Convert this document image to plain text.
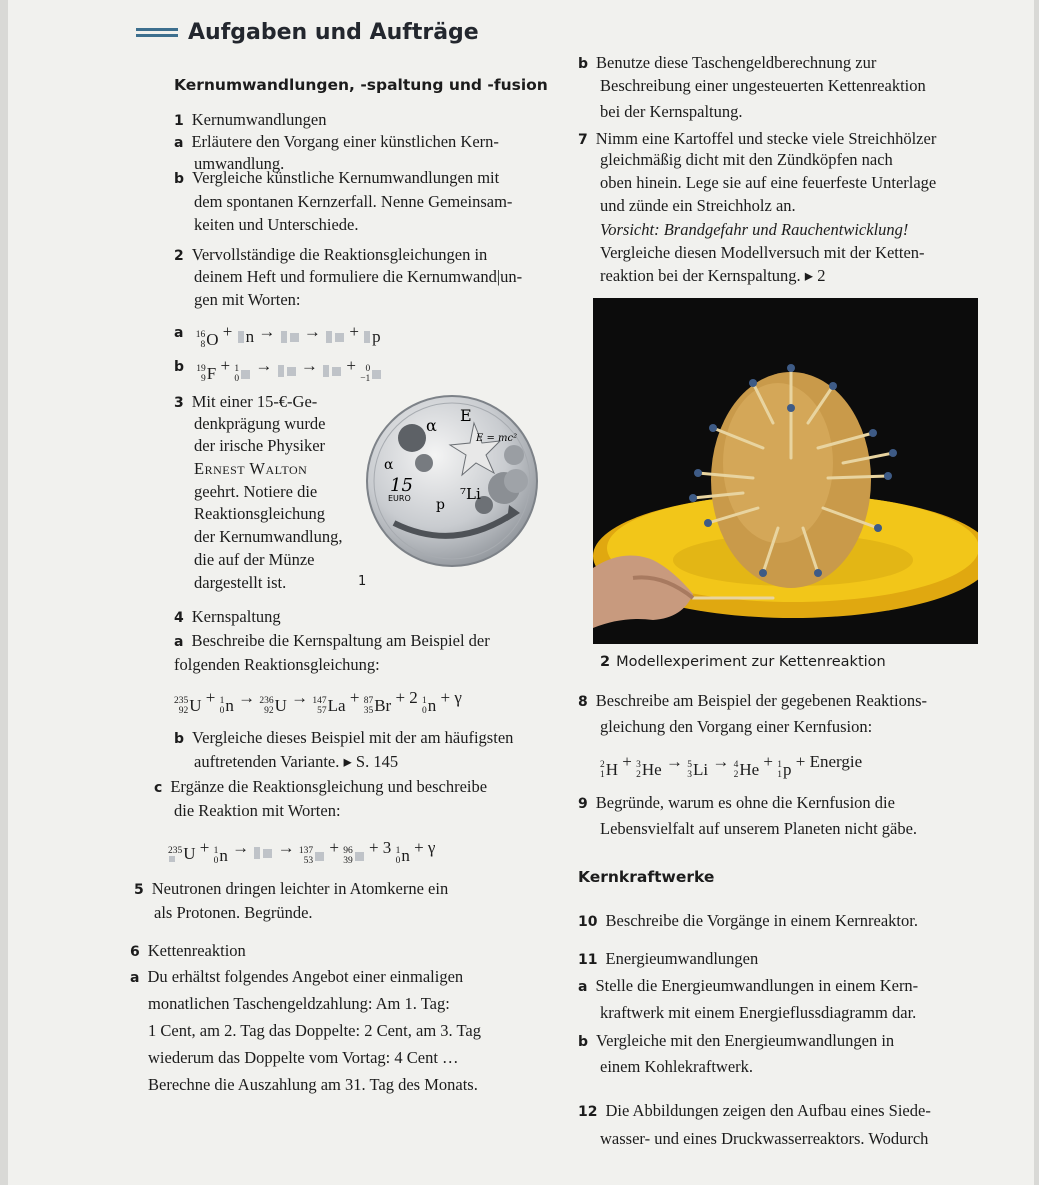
Aufgaben und Aufträge
Kernumwandlungen, -spaltung und -fusion
1 Kernumwandlungen
a Erläutere den Vorgang einer künstlichen Kern-
umwandlung.
b Vergleiche künstliche Kernumwandlungen mit
dem spontanen Kernzerfall. Nenne Gemeinsam-
keiten und Unterschiede.
2 Vervollständige die Reaktionsgleichungen in
deinem Heft und formuliere die Kernumwand|un-
gen mit Worten:
a 16
8 O +
n →
→
+
p
b 19
9 F + 1
0
→
→
+ 0
−1
3 Mit einer 15-€-Ge-
denkprägung wurde
der irische Physiker
Ernest Walton
geehrt. Notiere die
Reaktionsgleichung
der Kernumwandlung,
die auf der Münze
dargestellt ist.
α
E
E = mc²
α
15
EURO p
⁷Li
1
4 Kernspaltung
a Beschreibe die Kernspaltung am Beispiel der
folgenden Reaktionsgleichung:
235
92 U + 1
0 n → 236
92 U → 147
57 La + 87
35 Br + 2 1
0 n + γ
b Vergleiche dieses Beispiel mit der am häufigsten
auftretenden Variante. ▸ S. 145
c Ergänze die Reaktionsgleichung und beschreibe
die Reaktion mit Worten:
235 U + 1
0 n →
→ 137
53
+ 96
39
+ 3 1
0 n + γ
5 Neutronen dringen leichter in Atomkerne ein
als Protonen. Begründe.
6 Kettenreaktion
a Du erhältst folgendes Angebot einer einmaligen
monatlichen Taschengeldzahlung: Am 1. Tag:
1 Cent, am 2. Tag das Doppelte: 2 Cent, am 3. Tag
wiederum das Doppelte vom Vortag: 4 Cent …
Berechne die Auszahlung am 31. Tag des Monats.
b Benutze diese Taschengeldberechnung zur
Beschreibung einer ungesteuerten Kettenreaktion
bei der Kernspaltung.
7 Nimm eine Kartoffel und stecke viele Streichhölzer
gleichmäßig dicht mit den Zündköpfen nach
oben hinein. Lege sie auf eine feuerfeste Unterlage
und zünde ein Streichholz an.
Vorsicht: Brandgefahr und Rauchentwicklung!
Vergleiche diesen Modellversuch mit der Ketten-
reaktion bei der Kernspaltung. ▸ 2
2 Modellexperiment zur Kettenreaktion
8 Beschreibe am Beispiel der gegebenen Reaktions-
gleichung den Vorgang einer Kernfusion:
2
1 H + 3
2 He → 5
3 Li → 4
2 He + 1
1 p + Energie
9 Begründe, warum es ohne die Kernfusion die
Lebensvielfalt auf unserem Planeten nicht gäbe.
Kernkraftwerke
10 Beschreibe die Vorgänge in einem Kernreaktor.
11 Energieumwandlungen
a Stelle die Energieumwandlungen in einem Kern-
kraftwerk mit einem Energieflussdiagramm dar.
b Vergleiche mit den Energieumwandlungen in
einem Kohlekraftwerk.
12 Die Abbildungen zeigen den Aufbau eines Siede-
wasser- und eines Druckwasserreaktors. Wodurch
